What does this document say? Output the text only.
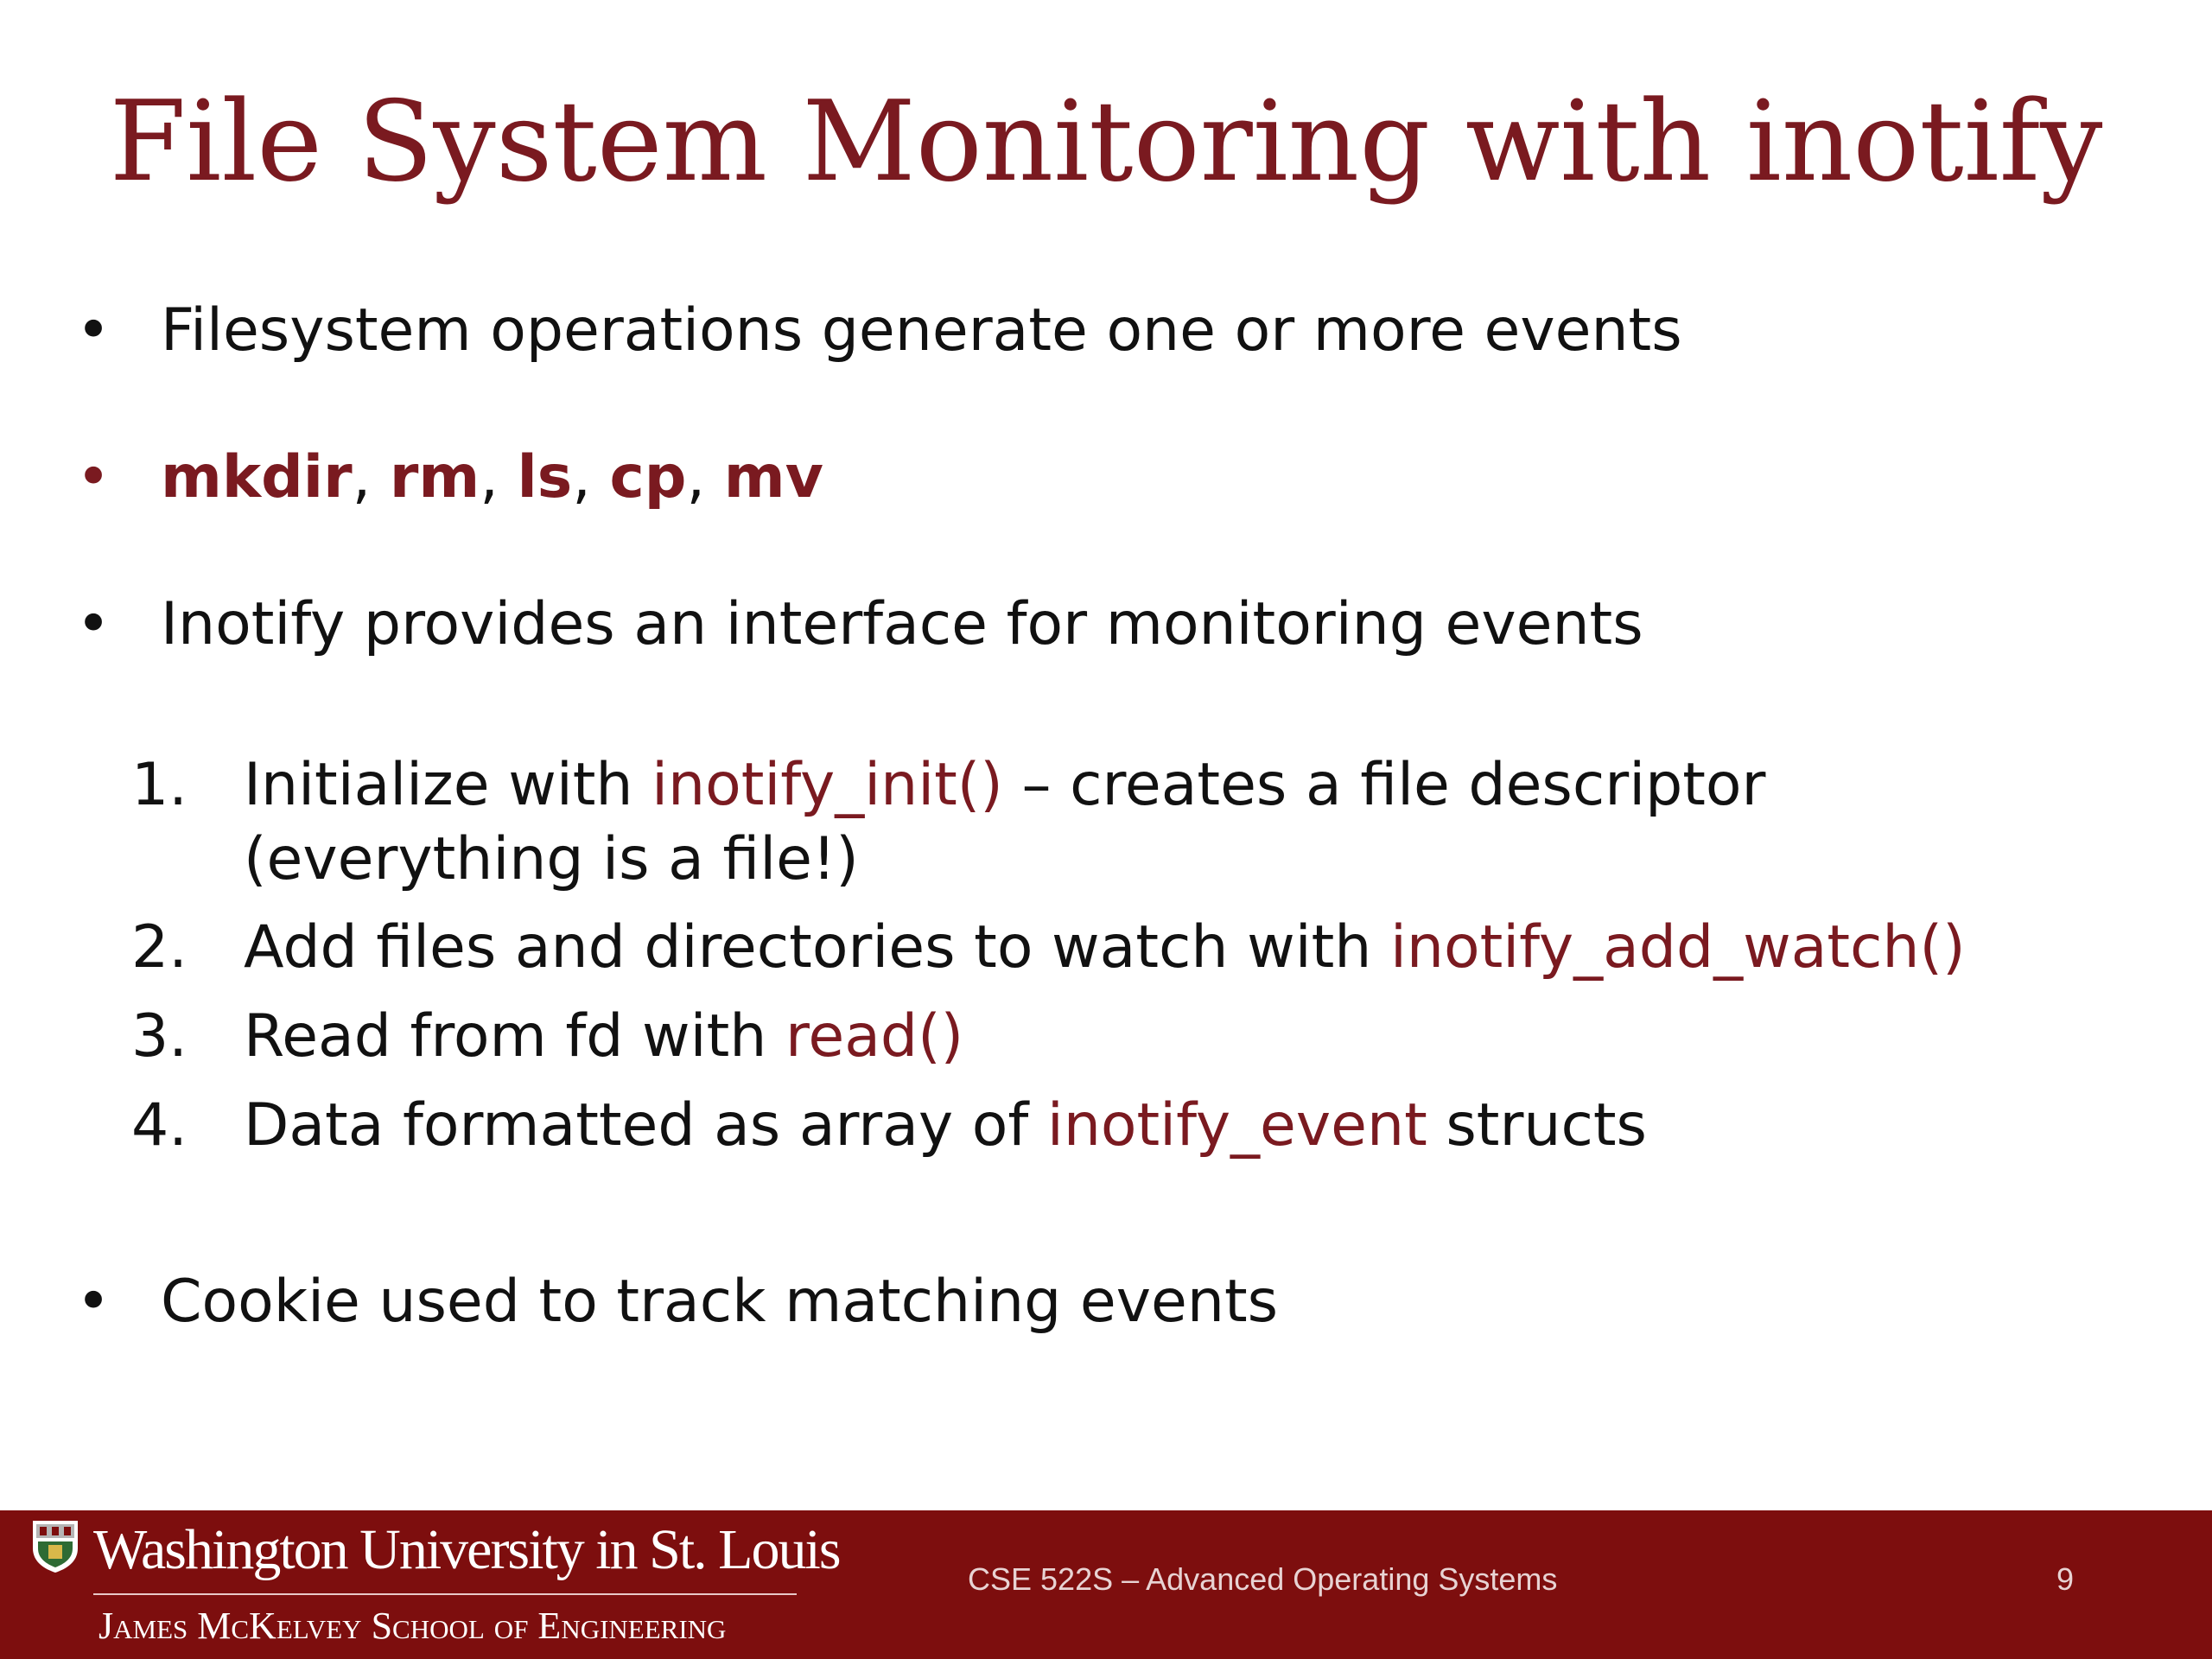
File System Monitoring with inotify
• Filesystem operations generate one or more events
• mkdir, rm, ls, cp, mv
• Inotify provides an interface for monitoring events
1. Initialize with inotify_init() – creates a file descriptor
(everything is a file!)
2. Add files and directories to watch with inotify_add_watch()
3. Read from fd with read()
4. Data formatted as array of inotify_event structs
• Cookie used to track matching events
Washington University in St. Louis
James McKelvey School of Engineering
CSE 522S – Advanced Operating Systems	9
